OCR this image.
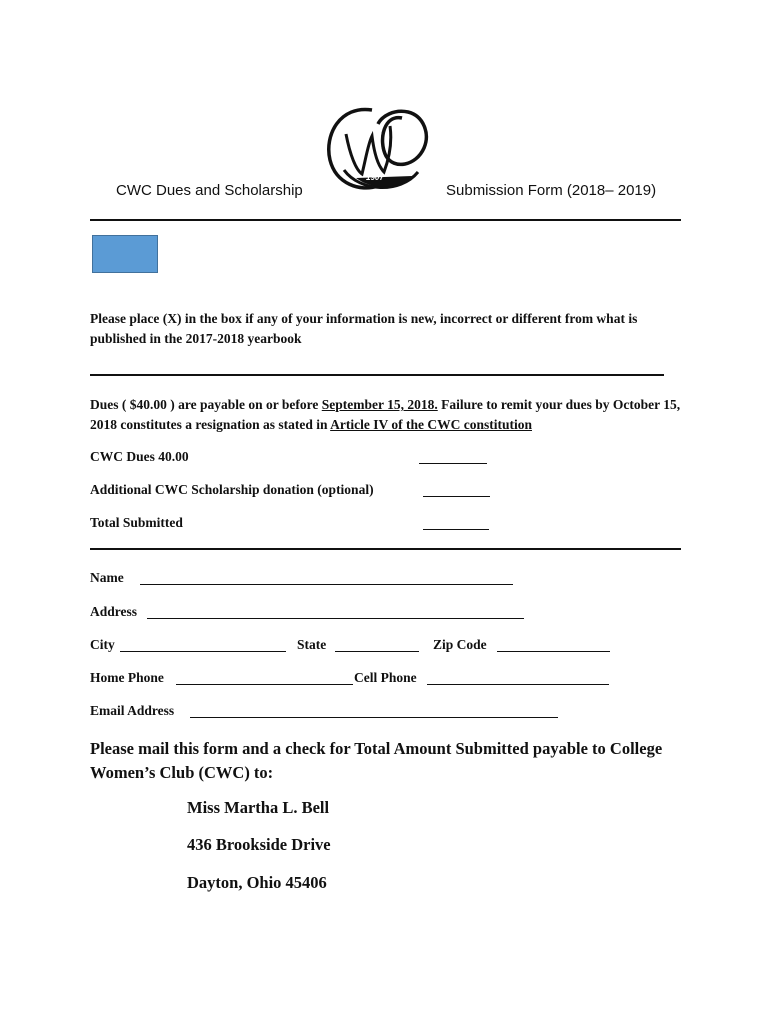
CWC Dues and Scholarship
1907
Submission Form (2018– 2019)
Please place (X) in the box if any of your information is new, incorrect or different from what is published in the 2017-2018 yearbook
Dues ( $40.00 ) are payable on or before September 15, 2018. Failure to remit your dues by October 15, 2018 constitutes a resignation as stated in Article IV of the CWC constitution
CWC Dues 40.00
Additional CWC Scholarship donation (optional)
Total Submitted
Name
Address
City	State	Zip Code
Home Phone	Cell Phone
Email Address
Please mail this form and a check for Total Amount Submitted payable to College Women’s Club (CWC) to:
Miss Martha L. Bell
436 Brookside Drive
Dayton, Ohio 45406
